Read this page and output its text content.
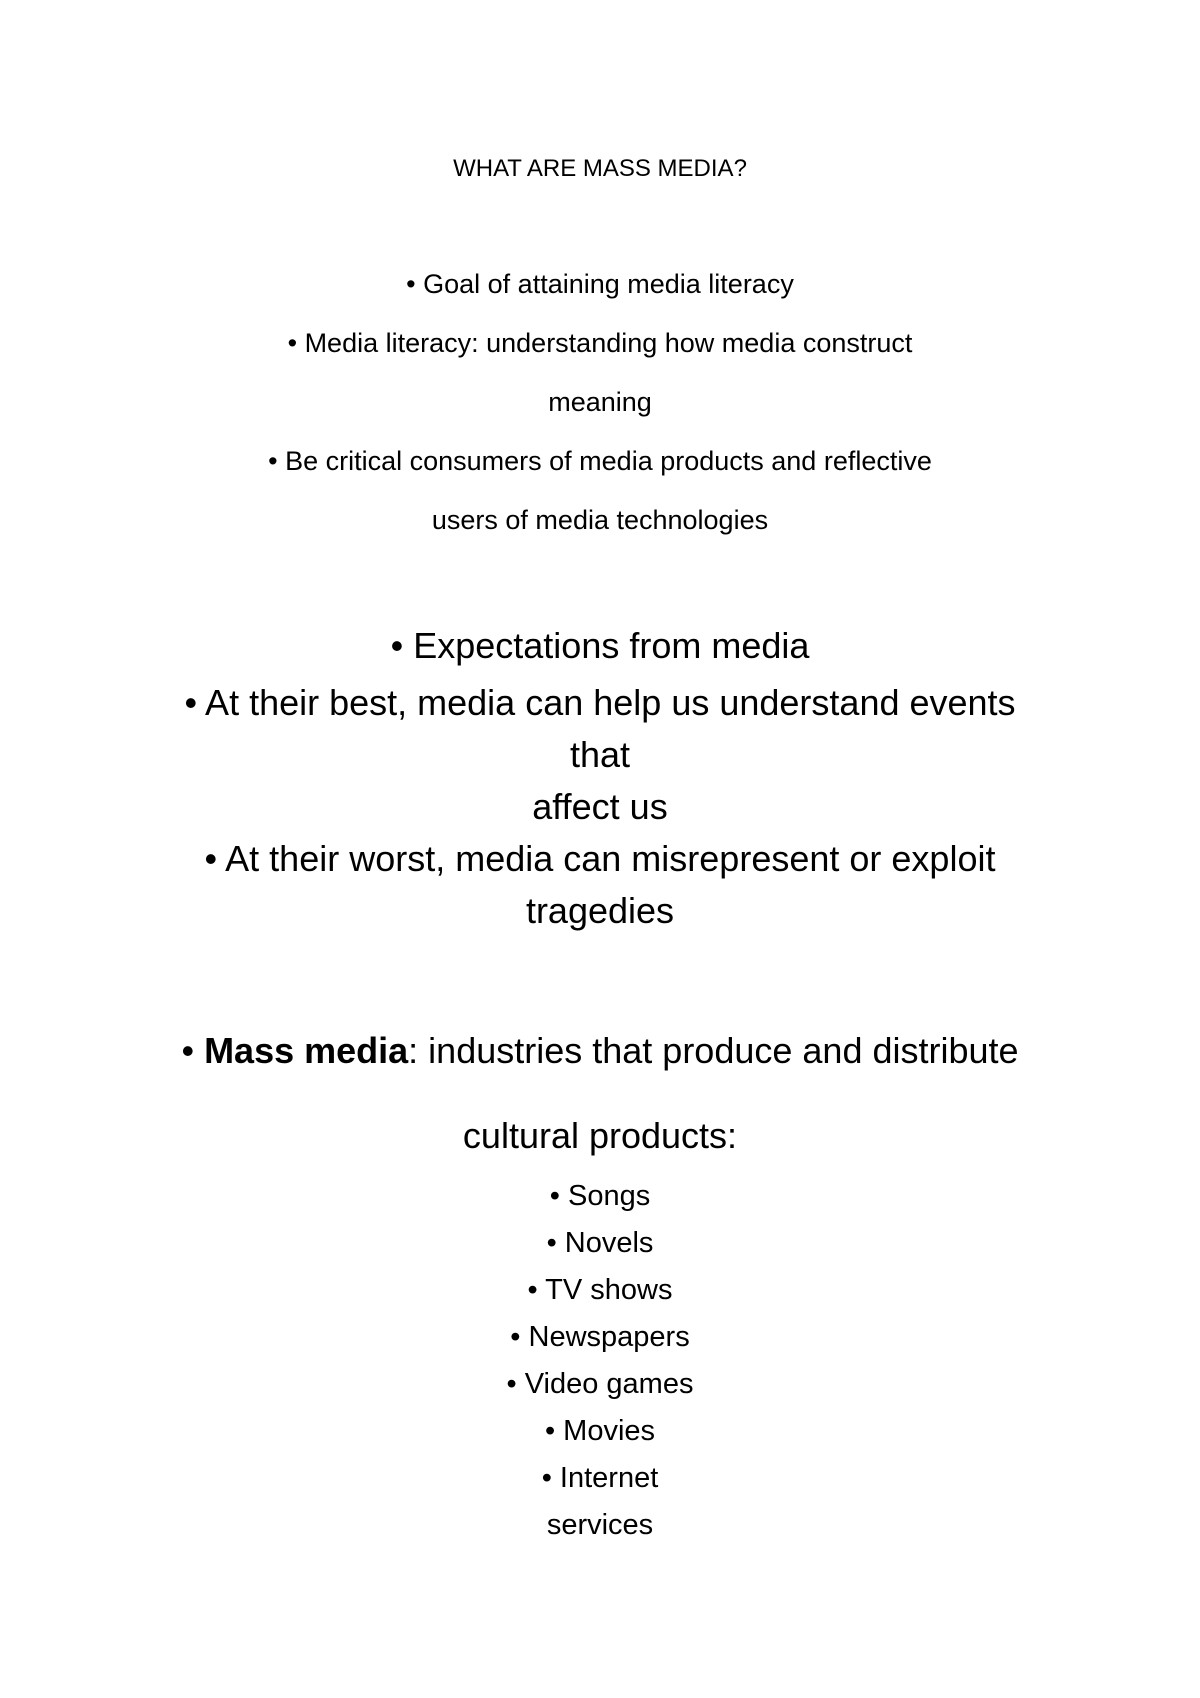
WHAT ARE MASS MEDIA?
• Goal of attaining media literacy
• Media literacy: understanding how media construct
meaning
• Be critical consumers of media products and reflective
users of media technologies
• Expectations from media
• At their best, media can help us understand events
that
affect us
• At their worst, media can misrepresent or exploit
tragedies
• Mass media: industries that produce and distribute
cultural products:
• Songs
• Novels
• TV shows
• Newspapers
• Video games
• Movies
• Internet
services
